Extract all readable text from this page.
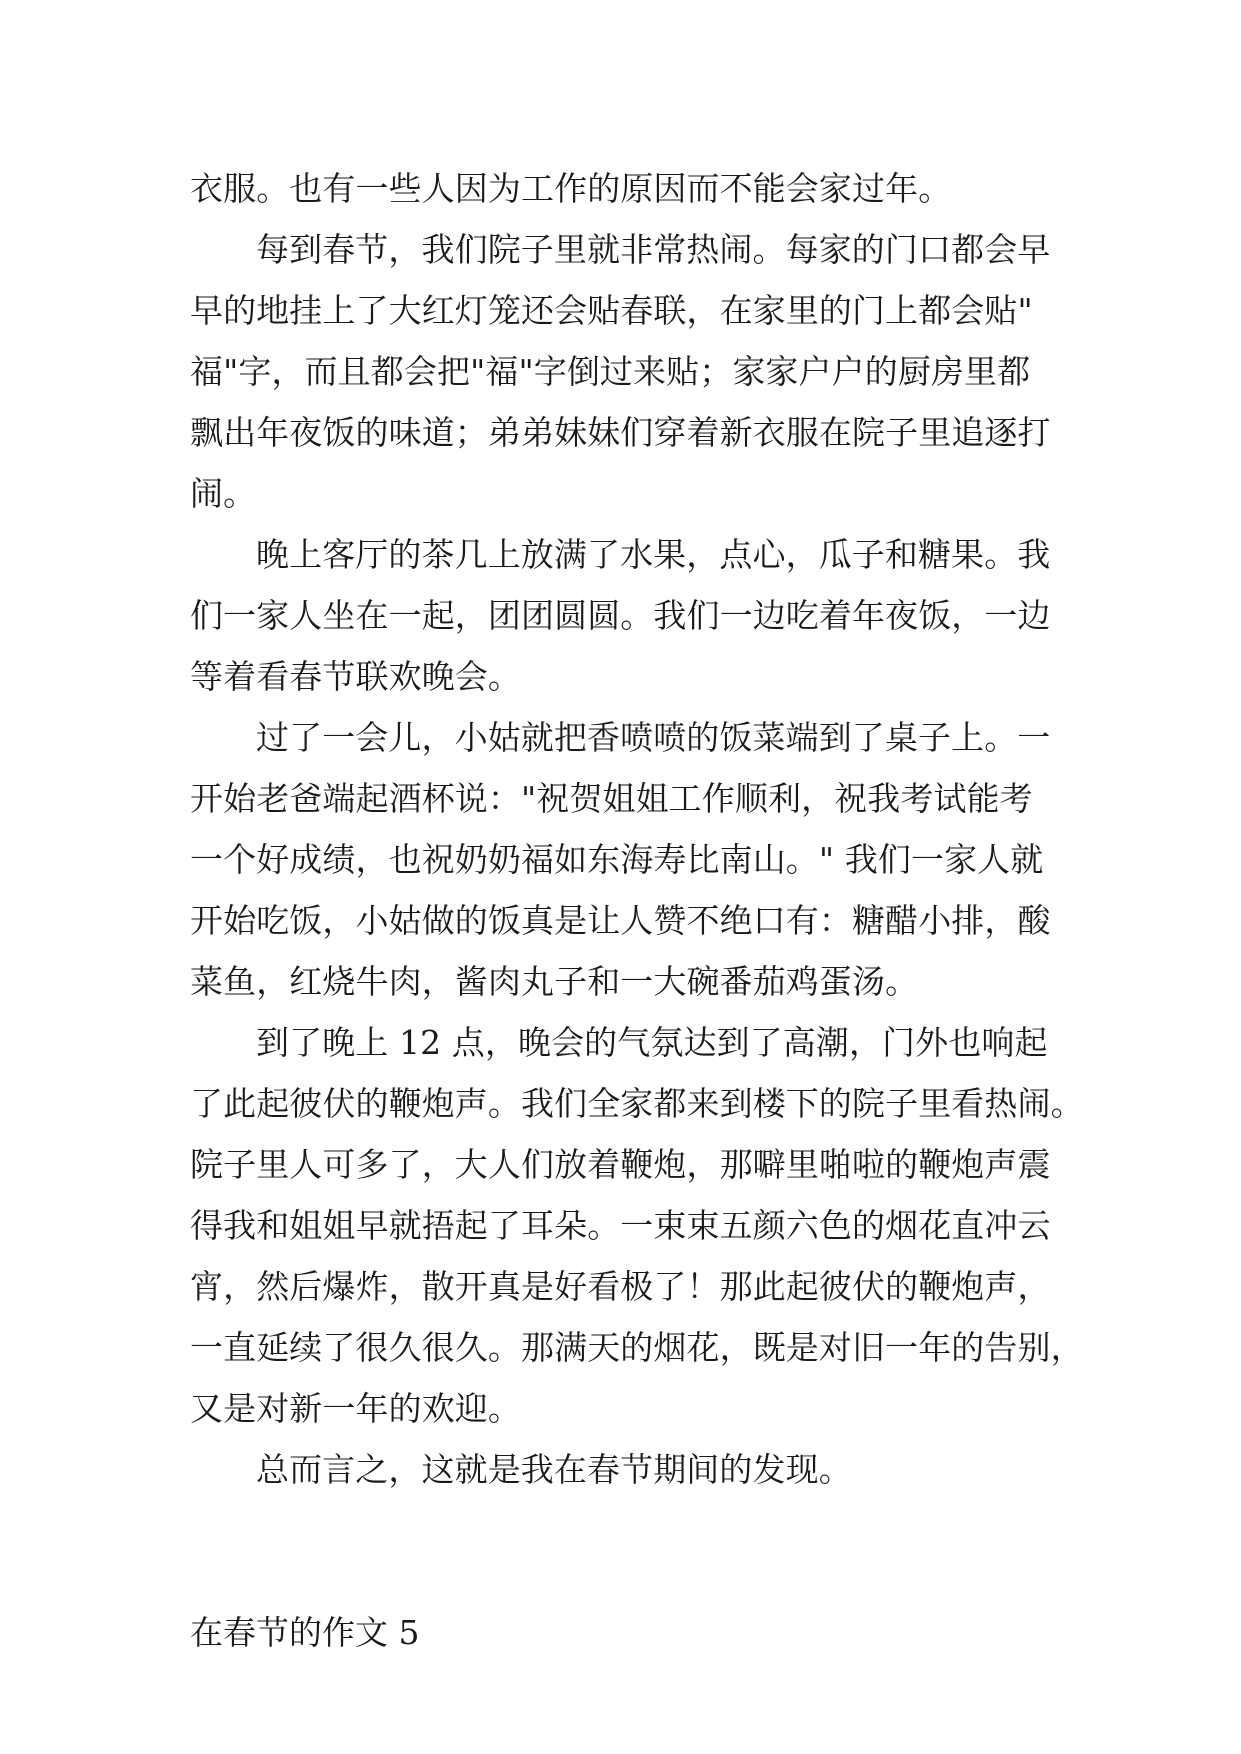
衣服。也有一些人因为工作的原因而不能会家过年。
每到春节，我们院子里就非常热闹。每家的门口都会早
早的地挂上了大红灯笼还会贴春联，在家里的门上都会贴"
福"字，而且都会把"福"字倒过来贴；家家户户的厨房里都
飘出年夜饭的味道；弟弟妹妹们穿着新衣服在院子里追逐打
闹。
晚上客厅的茶几上放满了水果，点心，瓜子和糖果。我
们一家人坐在一起，团团圆圆。我们一边吃着年夜饭，一边
等着看春节联欢晚会。
过了一会儿，小姑就把香喷喷的饭菜端到了桌子上。一
开始老爸端起酒杯说："祝贺姐姐工作顺利，祝我考试能考
一个好成绩，也祝奶奶福如东海寿比南山。" 我们一家人就
开始吃饭，小姑做的饭真是让人赞不绝口有：糖醋小排，酸
菜鱼，红烧牛肉，酱肉丸子和一大碗番茄鸡蛋汤。
到了晚上 12 点，晚会的气氛达到了高潮，门外也响起
了此起彼伏的鞭炮声。我们全家都来到楼下的院子里看热闹。
院子里人可多了，大人们放着鞭炮，那噼里啪啦的鞭炮声震
得我和姐姐早就捂起了耳朵。一束束五颜六色的烟花直冲云
宵，然后爆炸，散开真是好看极了！那此起彼伏的鞭炮声，
一直延续了很久很久。那满天的烟花，既是对旧一年的告别，
又是对新一年的欢迎。
总而言之，这就是我在春节期间的发现。
在春节的作文 5
